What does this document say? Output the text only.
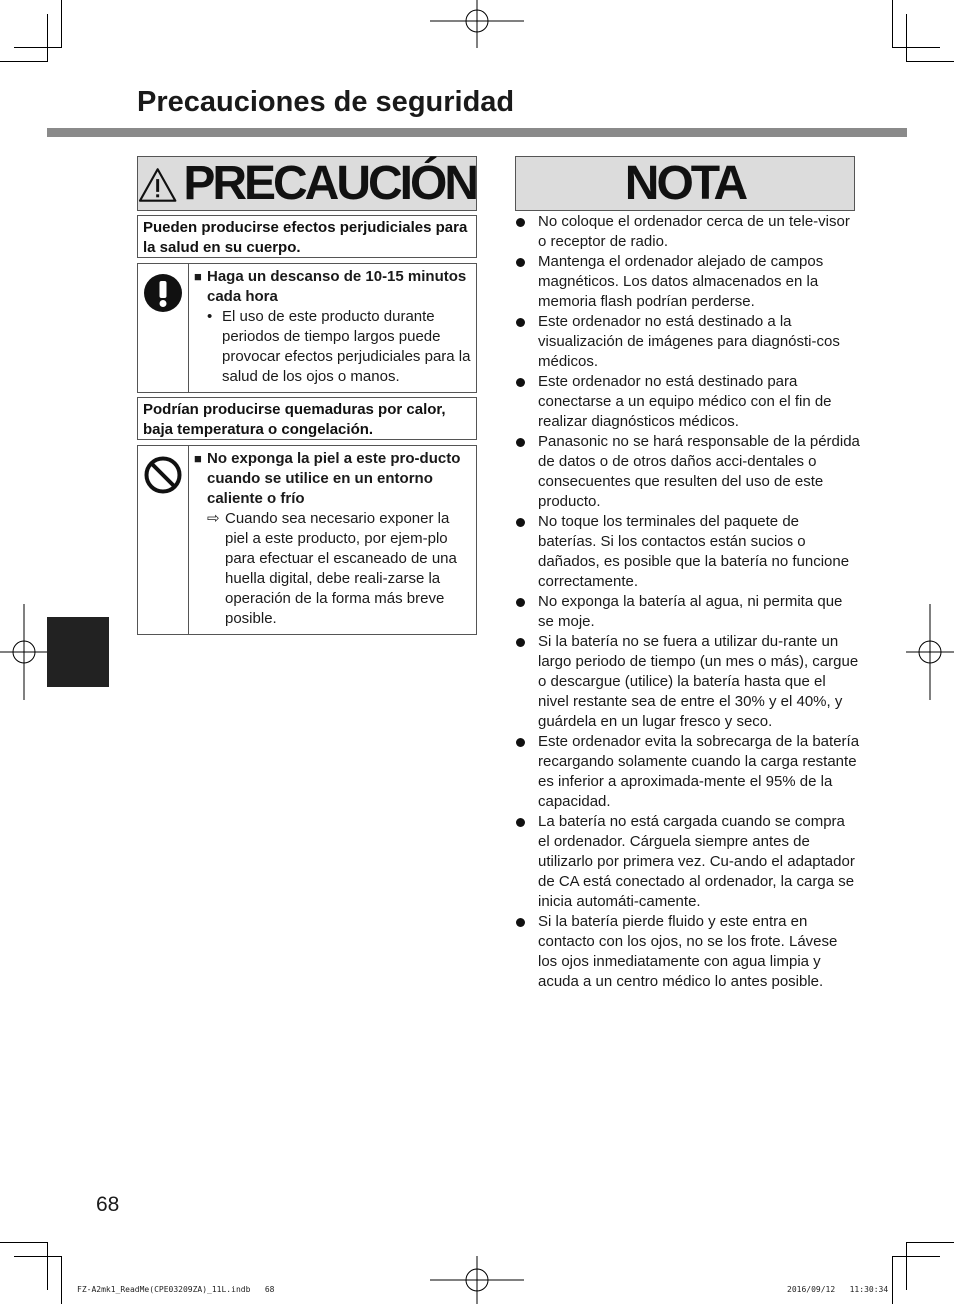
Precauciones de seguridad
PRECAUCIÓN
Pueden producirse efectos perjudiciales para la salud en su cuerpo.
■ Haga un descanso de 10-15 minutos cada hora
• El uso de este producto durante periodos de tiempo largos puede provocar efectos perjudiciales para la salud de los ojos o manos.
Podrían producirse quemaduras por calor, baja temperatura o congelación.
■ No exponga la piel a este pro-ducto cuando se utilice en un entorno caliente o frío
⇨ Cuando sea necesario exponer la piel a este producto, por ejem-plo para efectuar el escaneado de una huella digital, debe reali-zarse la operación de la forma más breve posible.
NOTA
No coloque el ordenador cerca de un tele-visor o receptor de radio.
Mantenga el ordenador alejado de campos magnéticos. Los datos almacenados en la memoria flash podrían perderse.
Este ordenador no está destinado a la visualización de imágenes para diagnósti-cos médicos.
Este ordenador no está destinado para conectarse a un equipo médico con el fin de realizar diagnósticos médicos.
Panasonic no se hará responsable de la pérdida de datos o de otros daños acci-dentales o consecuentes que resulten del uso de este producto.
No toque los terminales del paquete de baterías. Si los contactos están sucios o dañados, es posible que la batería no funcione correctamente.
No exponga la batería al agua, ni permita que se moje.
Si la batería no se fuera a utilizar du-rante un largo periodo de tiempo (un mes o más), cargue o descargue (utilice) la batería hasta que el nivel restante sea de entre el 30% y el 40%, y guárdela en un lugar fresco y seco.
Este ordenador evita la sobrecarga de la batería recargando solamente cuando la carga restante es inferior a aproximada-mente el 95% de la capacidad.
La batería no está cargada cuando se compra el ordenador. Cárguela siempre antes de utilizarlo por primera vez. Cu-ando el adaptador de CA está conectado al ordenador, la carga se inicia automáti-camente.
Si la batería pierde fluido y este entra en contacto con los ojos, no se los frote. Lávese los ojos inmediatamente con agua limpia y acuda a un centro médico lo antes posible.
68
FZ-A2mk1_ReadMe(CPE03209ZA)_11L.indb   68	2016/09/12   11:30:34
